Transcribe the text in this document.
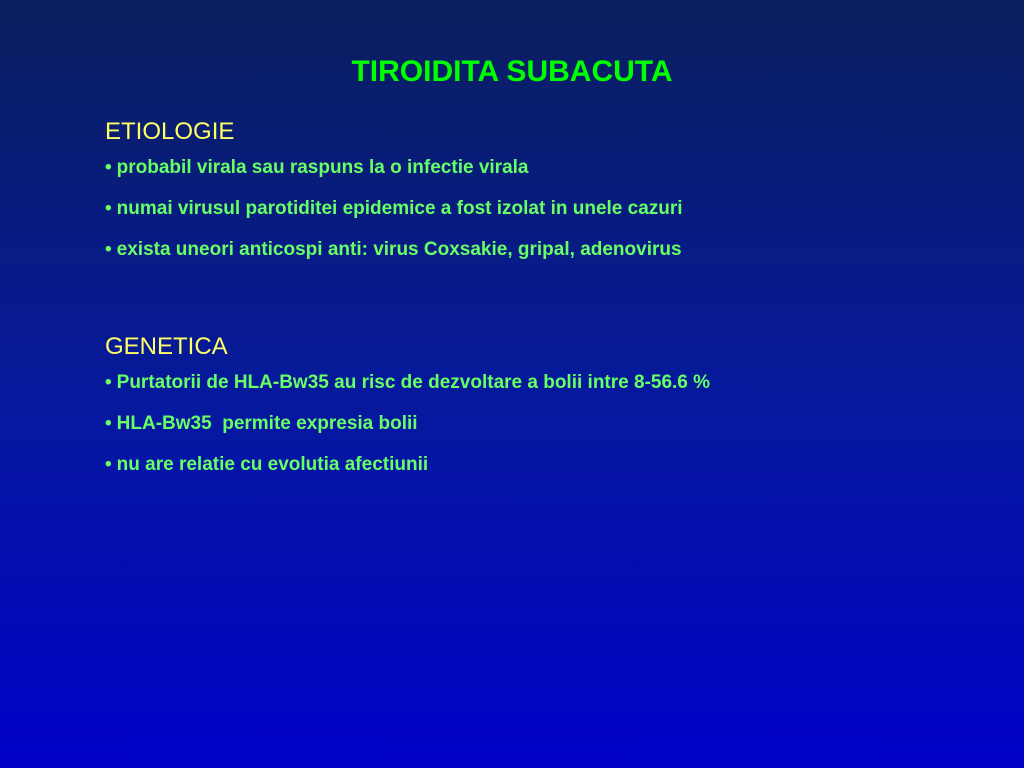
TIROIDITA SUBACUTA
ETIOLOGIE
• probabil virala sau raspuns la o infectie virala
• numai virusul parotiditei epidemice a fost izolat in unele cazuri
• exista uneori anticospi anti: virus Coxsakie, gripal, adenovirus
GENETICA
• Purtatorii de HLA-Bw35 au risc de dezvoltare a bolii intre 8-56.6 %
• HLA-Bw35  permite expresia bolii
• nu are relatie cu evolutia afectiunii
